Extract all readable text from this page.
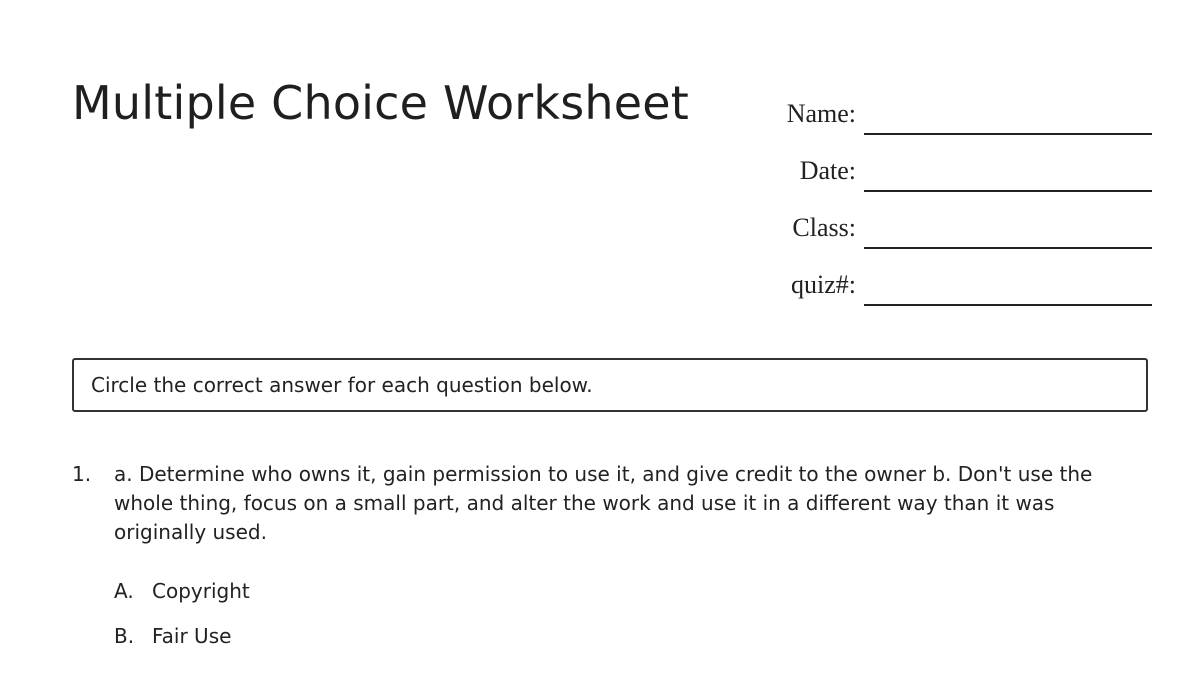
Multiple Choice Worksheet	Name:
Date:
Class:
quiz#:
Circle the correct answer for each question below.
1.	a. Determine who owns it, gain permission to use it, and give credit to the owner b. Don't use the whole thing, focus on a small part, and alter the work and use it in a different way than it was originally used.
A. Copyright
B. Fair Use
